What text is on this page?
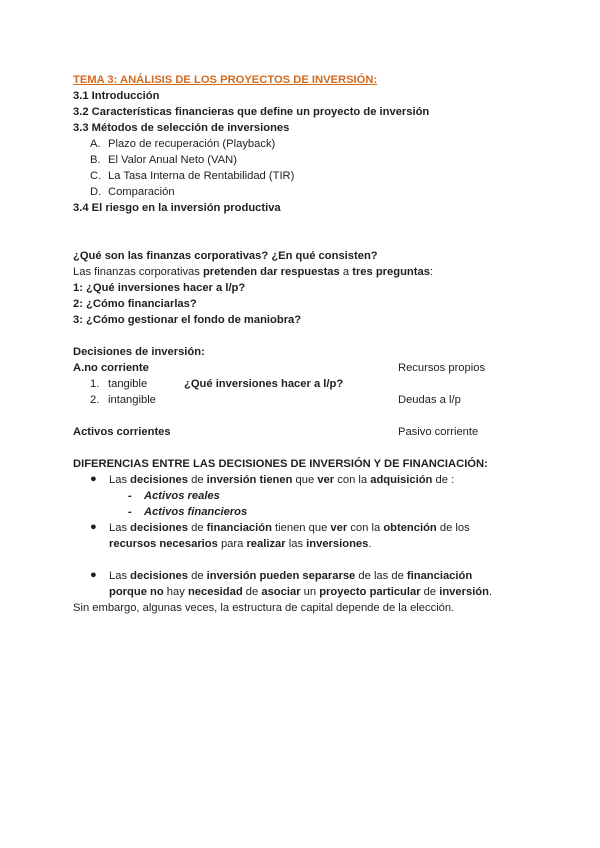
TEMA 3: ANÁLISIS DE LOS PROYECTOS DE INVERSIÓN:
3.1 Introducción
3.2 Características financieras que define un proyecto de inversión
3.3 Métodos de selección de inversiones
A. Plazo de recuperación (Playback)
B. El Valor Anual Neto (VAN)
C. La Tasa Interna de Rentabilidad (TIR)
D. Comparación
3.4 El riesgo en la inversión productiva
¿Qué son las finanzas corporativas? ¿En qué consisten?
Las finanzas corporativas pretenden dar respuestas a tres preguntas:
1: ¿Qué inversiones hacer a l/p?
2: ¿Cómo financiarlas?
3: ¿Cómo gestionar el fondo de maniobra?
Decisiones de inversión:
A.no corriente	Recursos propios
1. tangible	¿Qué inversiones hacer a l/p?
2. intangible	Deudas a l/p
Activos corrientes	Pasivo corriente
DIFERENCIAS ENTRE LAS DECISIONES DE INVERSIÓN Y DE FINANCIACIÓN:
● Las decisiones de inversión tienen que ver con la adquisición de :
- Activos reales
- Activos financieros
● Las decisiones de financiación tienen que ver con la obtención de los
recursos necesarios para realizar las inversiones.
● Las decisiones de inversión pueden separarse de las de financiación
porque no hay necesidad de asociar un proyecto particular de inversión.
Sin embargo, algunas veces, la estructura de capital depende de la elección.
